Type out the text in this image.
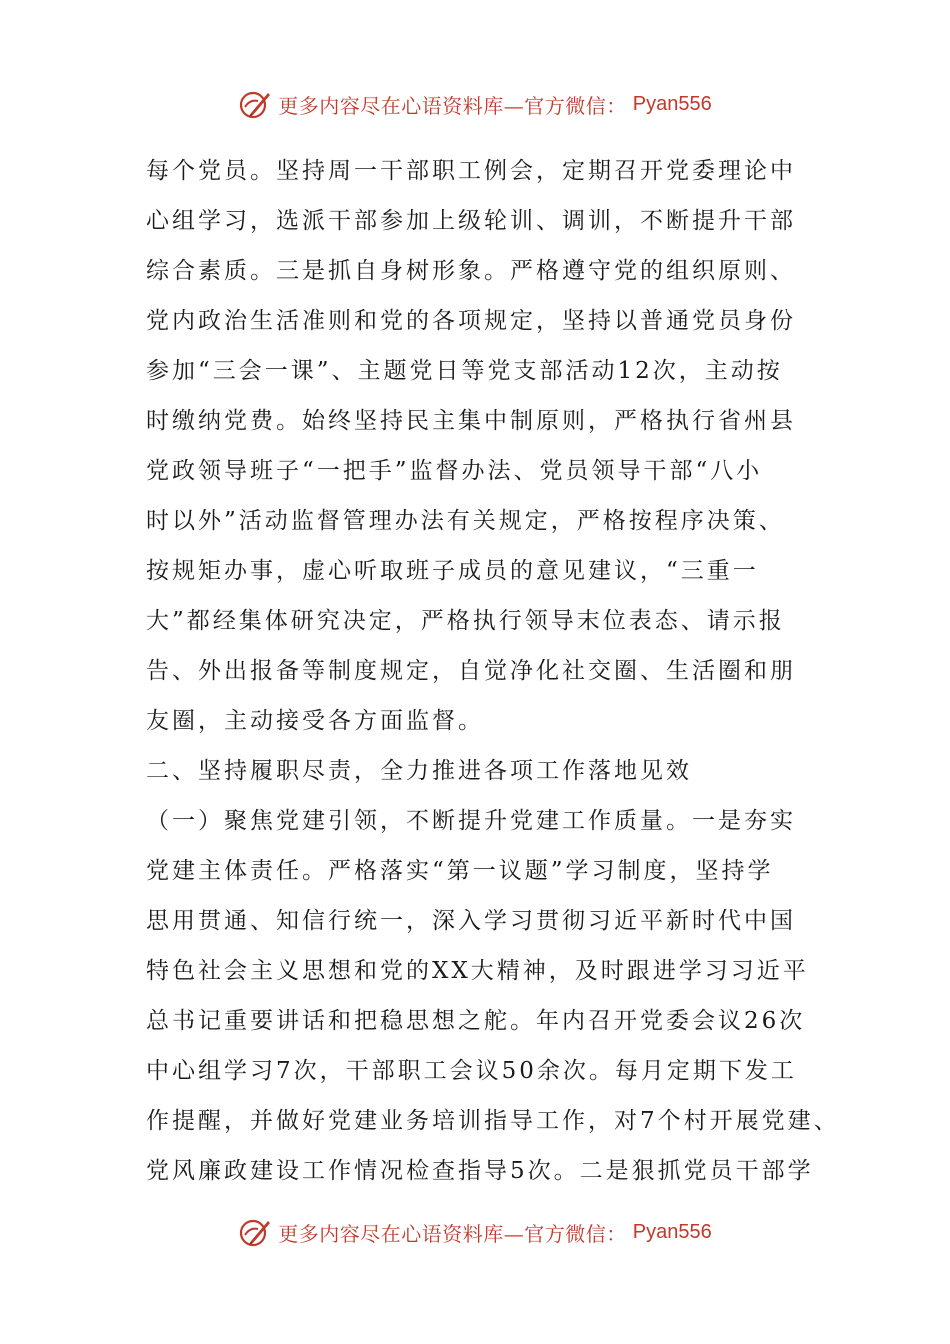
更多内容尽在心语资料库—官方微信： Pyan556
每个党员。坚持周一干部职工例会，定期召开党委理论中
心组学习，选派干部参加上级轮训、调训，不断提升干部
综合素质。三是抓自身树形象。严格遵守党的组织原则、
党内政治生活准则和党的各项规定，坚持以普通党员身份
参加“三会一课”、主题党日等党支部活动12次，主动按
时缴纳党费。始终坚持民主集中制原则，严格执行省州县
党政领导班子“一把手”监督办法、党员领导干部“八小
时以外”活动监督管理办法有关规定，严格按程序决策、
按规矩办事，虚心听取班子成员的意见建议，“三重一
大”都经集体研究决定，严格执行领导末位表态、请示报
告、外出报备等制度规定，自觉净化社交圈、生活圈和朋
友圈，主动接受各方面监督。
二、坚持履职尽责，全力推进各项工作落地见效
（一）聚焦党建引领，不断提升党建工作质量。一是夯实
党建主体责任。严格落实“第一议题”学习制度，坚持学
思用贯通、知信行统一，深入学习贯彻习近平新时代中国
特色社会主义思想和党的XX大精神，及时跟进学习习近平
总书记重要讲话和把稳思想之舵。年内召开党委会议26次
中心组学习7次，干部职工会议50余次。每月定期下发工
作提醒，并做好党建业务培训指导工作，对7个村开展党建、
党风廉政建设工作情况检查指导5次。二是狠抓党员干部学
更多内容尽在心语资料库—官方微信： Pyan556
